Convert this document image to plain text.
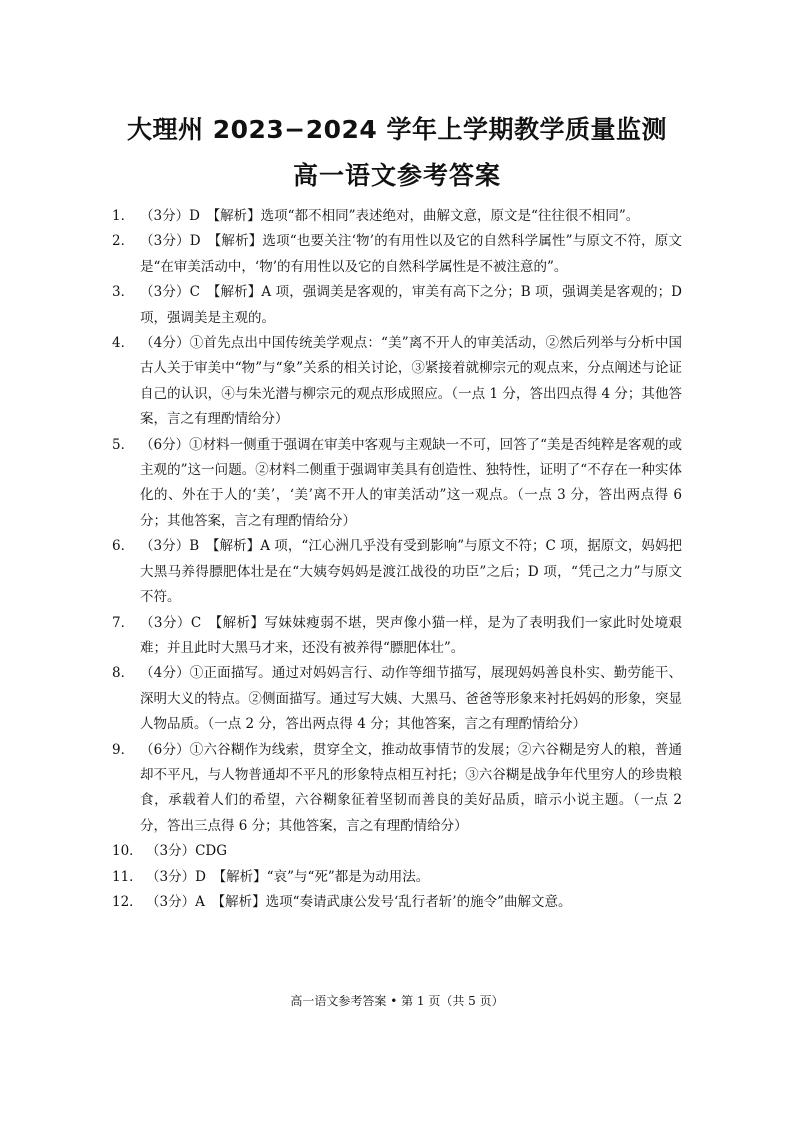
大理州 2023−2024 学年上学期教学质量监测
高一语文参考答案
1． （3分）D　【解析】选项“都不相同”表述绝对，曲解文意，原文是“往往很不相同”。
2． （3分）D　【解析】选项“也要关注‘物’的有用性以及它的自然科学属性”与原文不符，原文是“在审美活动中，‘物’的有用性以及它的自然科学属性是不被注意的”。
3． （3分）C　【解析】A 项，强调美是客观的，审美有高下之分；B 项，强调美是客观的；D 项，强调美是主观的。
4． （4分）①首先点出中国传统美学观点：“美”离不开人的审美活动，②然后列举与分析中国古人关于审美中“物”与“象”关系的相关讨论，③紧接着就柳宗元的观点来，分点阐述与论证自己的认识，④与朱光潜与柳宗元的观点形成照应。（一点 1 分，答出四点得 4 分；其他答案，言之有理酌情给分）
5． （6分）①材料一侧重于强调在审美中客观与主观缺一不可，回答了“美是否纯粹是客观的或主观的”这一问题。②材料二侧重于强调审美具有创造性、独特性，证明了“不存在一种实体化的、外在于人的‘美’，‘美’离不开人的审美活动”这一观点。（一点 3 分，答出两点得 6 分；其他答案，言之有理酌情给分）
6． （3分）B　【解析】A 项，“江心洲几乎没有受到影响”与原文不符；C 项，据原文，妈妈把大黑马养得膘肥体壮是在“大姨夸妈妈是渡江战役的功臣”之后；D 项，“凭己之力”与原文不符。
7． （3分）C　【解析】写妹妹瘦弱不堪，哭声像小猫一样，是为了表明我们一家此时处境艰难；并且此时大黑马才来，还没有被养得“膘肥体壮”。
8． （4分）①正面描写。通过对妈妈言行、动作等细节描写，展现妈妈善良朴实、勤劳能干、深明大义的特点。②侧面描写。通过写大姨、大黑马、爸爸等形象来衬托妈妈的形象，突显人物品质。（一点 2 分，答出两点得 4 分；其他答案，言之有理酌情给分）
9． （6分）①六谷糊作为线索，贯穿全文，推动故事情节的发展；②六谷糊是穷人的粮，普通却不平凡，与人物普通却不平凡的形象特点相互衬托；③六谷糊是战争年代里穷人的珍贵粮食，承载着人们的希望，六谷糊象征着坚韧而善良的美好品质，暗示小说主题。（一点 2 分，答出三点得 6 分；其他答案，言之有理酌情给分）
10． （3分）CDG
11． （3分）D　【解析】“哀”与“死”都是为动用法。
12． （3分）A　【解析】选项“奏请武康公发号‘乱行者斩’的施令”曲解文意。
高一语文参考答案 • 第 1 页（共 5 页）
